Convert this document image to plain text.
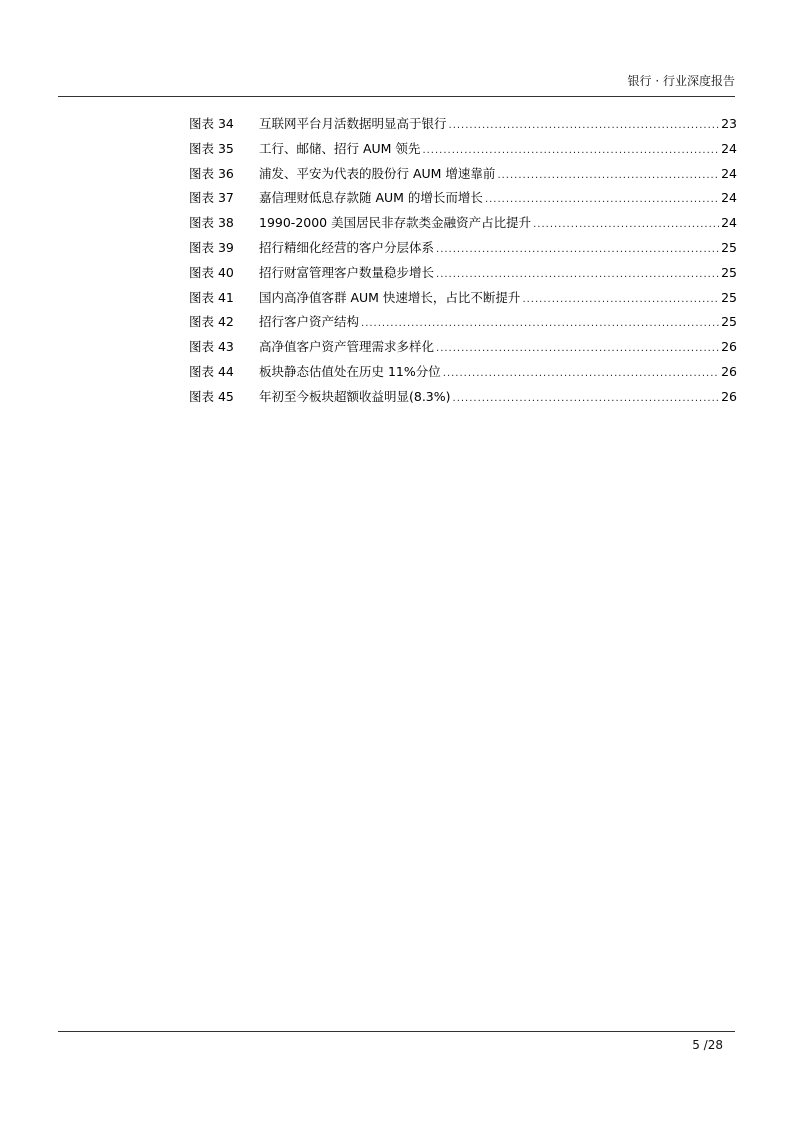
银行 · 行业深度报告
图表 34	互联网平台月活数据明显高于银行 .....	23
图表 35	工行、邮储、招行 AUM 领先 .....	24
图表 36	浦发、平安为代表的股份行 AUM 增速靠前 .....	24
图表 37	嘉信理财低息存款随 AUM 的增长而增长 .....	24
图表 38	1990-2000 美国居民非存款类金融资产占比提升 .....	24
图表 39	招行精细化经营的客户分层体系 .....	25
图表 40	招行财富管理客户数量稳步增长 .....	25
图表 41	国内高净值客群 AUM 快速增长，占比不断提升 .....	25
图表 42	招行客户资产结构 .....	25
图表 43	高净值客户资产管理需求多样化 .....	26
图表 44	板块静态估值处在历史 11%分位 .....	26
图表 45	年初至今板块超额收益明显(8.3%) .....	26
5 /28
